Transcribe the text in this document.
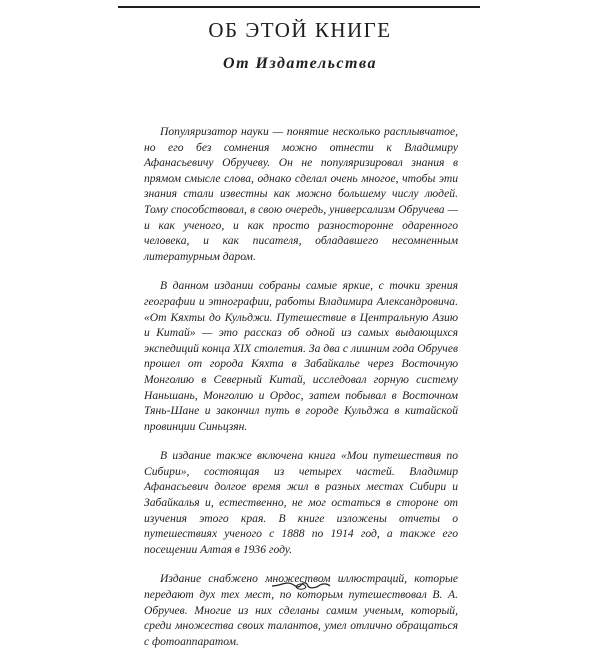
ОБ ЭТОЙ КНИГЕ
От Издательства

Популяризатор науки — понятие несколько расплывчатое, но его без сомнения можно отнести к Владимиру Афанасьевичу Обручеву. Он не популяризировал знания в прямом смысле слова, однако сделал очень многое, чтобы эти знания стали известны как можно большему числу людей. Тому способствовал, в свою очередь, универсализм Обручева — и как ученого, и как просто разностороннe одаренного человека, и как писателя, обладавшего несомненным литературным даром.

В данном издании собраны самые яркие, с точки зрения географии и этнографии, работы Владимира Александровича. «От Кяхты до Кульджи. Путешествие в Центральную Азию и Китай» — это рассказ об одной из самых выдающихся экспедиций конца XIX столетия. За два с лишним года Обручев прошел от города Кяхта в Забайкалье через Восточную Монголию в Северный Китай, исследовал горную систему Наньшань, Монголию и Ордос, затем побывал в Восточном Тянь-Шане и закончил путь в городе Кульджа в китайской провинции Синьцзян.

В издание также включена книга «Мои путешествия по Сибири», состоящая из четырех частей. Владимир Афанасьевич долгое время жил в разных местах Сибири и Забайкалья и, естественно, не мог остаться в стороне от изучения этого края. В книге изложены отчеты о путешествиях ученого с 1888 по 1914 год, а также его посещении Алтая в 1936 году.

Издание снабжено множеством иллюстраций, которые передают дух тех мест, по которым путешествовал В. А. Обручев. Многие из них сделаны самим ученым, который, среди множества своих талантов, умел отлично обращаться с фотоаппаратом.
